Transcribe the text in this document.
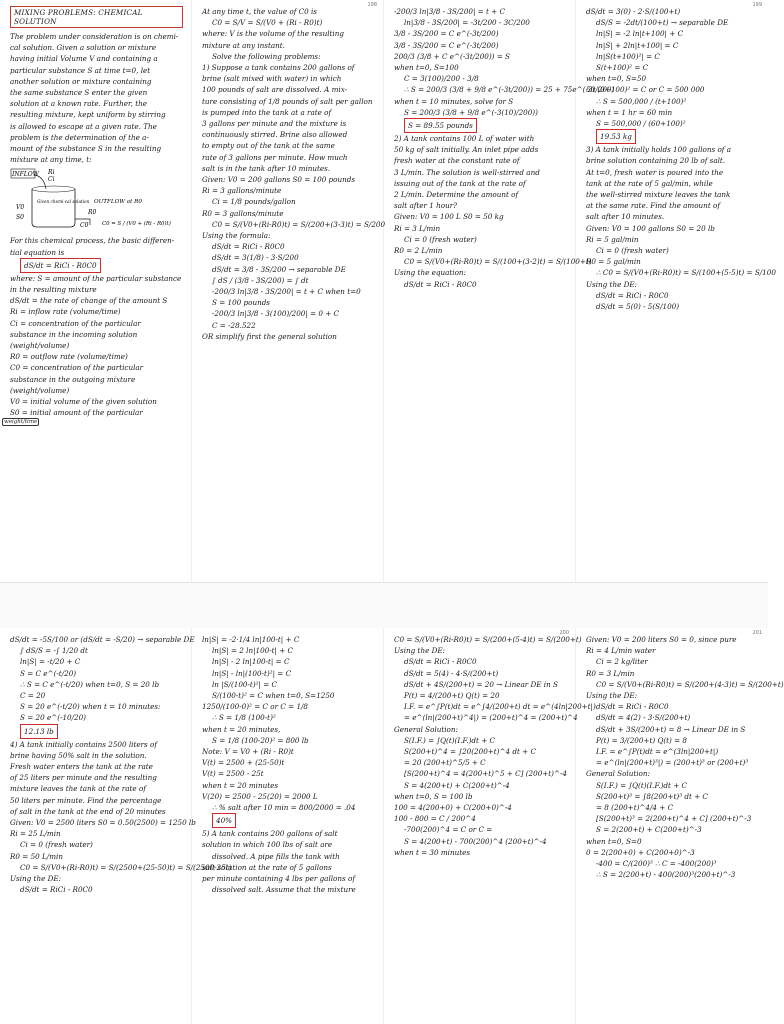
MIXING PROBLEMS: CHEMICAL SOLUTION
The problem under consideration is on chemi-
cal solution. Given a solution or mixture
having initial Volume V and containing a
particular substance S at time t=0, let
another solution or mixture containing
the same substance S enter the given
solution at a known rate. Further, the
resulting mixture, kept uniform by stirring
is allowed to escape at a given rate. The
problem is the determination of the a-
mount of the substance S in the resulting
mixture at any time, t:
INFLOW Ri
Ci
Given chemi-cal solution
V0
S0
OUTFLOW at R0
R0
C0	C0 = S / (V0 + (Ri - R0)t)
For this chemical process, the basic differen-
tial equation is
dS/dt = RiCi - R0C0
where: S = amount of the particular substance
in the resulting mixture
dS/dt = the rate of change of the amount S
Ri = inflow rate (volume/time)
Ci = concentration of the particular
substance in the incoming solution
(weight/volume)
R0 = outflow rate (volume/time)
C0 = concentration of the particular
substance in the outgoing mixture
(weight/volume)
V0 = initial volume of the given solution
S0 = initial amount of the particular
weight/time
198
At any time t, the value of C0 is
C0 = S/V = S/(V0 + (Ri - R0)t)
where: V is the volume of the resulting
mixture at any instant.
Solve the following problems:
1) Suppose a tank contains 200 gallons of
brine (salt mixed with water) in which
100 pounds of salt are dissolved. A mix-
ture consisting of 1/8 pounds of salt per gallon
is pumped into the tank at a rate of
3 gallons per minute and the mixture is
continuously stirred. Brine also allowed
to empty out of the tank at the same
rate of 3 gallons per minute. How much
salt is in the tank after 10 minutes.
Given: V0 = 200 gallons S0 = 100 pounds
Ri = 3 gallons/minute
Ci = 1/8 pounds/gallon
R0 = 3 gallons/minute
C0 = S/(V0+(Ri-R0)t) = S/(200+(3-3)t) = S/200
Using the formula:
dS/dt = RiCi - R0C0
dS/dt = 3(1/8) - 3·S/200
dS/dt = 3/8 - 3S/200 → separable DE
∫ dS / (3/8 - 3S/200) = ∫ dt
-200/3 ln|3/8 - 3S/200| = t + C when t=0
S = 100 pounds
-200/3 ln|3/8 - 3(100)/200| = 0 + C
C = -28.522
OR simplify first the general solution
-200/3 ln|3/8 - 3S/200| = t + C
ln|3/8 - 3S/200| = -3t/200 - 3C/200
3/8 - 3S/200 = C e^(-3t/200)
3/8 - 3S/200 = C e^(-3t/200)
200/3 (3/8 + C e^(-3t/200)) = S
when t=0, S=100
C = 3(100)/200 - 3/8
∴ S = 200/3 (3/8 + 9/8 e^(-3t/200)) = 25 + 75e^(-3t/200)
when t = 10 minutes, solve for S
S = 200/3 (3/8 + 9/8 e^(-3(10)/200))
S = 89.55 pounds
2) A tank contains 100 L of water with
50 kg of salt initially. An inlet pipe adds
fresh water at the constant rate of
3 L/min. The solution is well-stirred and
issuing out of the tank at the rate of
2 L/min. Determine the amount of
salt after 1 hour?
Given: V0 = 100 L S0 = 50 kg
Ri = 3 L/min
Ci = 0 (fresh water)
R0 = 2 L/min
C0 = S/(V0+(Ri-R0)t) = S/(100+(3-2)t) = S/(100+t)
Using the equation:
dS/dt = RiCi - R0C0
199
dS/dt = 3(0) - 2·S/(100+t)
dS/S = -2dt/(100+t) → separable DE
ln|S| = -2 ln|t+100| + C
ln|S| + 2ln|t+100| = C
ln|S(t+100)²| = C
S(t+100)² = C
when t=0, S=50
50 (0+100)² = C or C = 500 000
∴ S = 500,000 / (t+100)²
when t = 1 hr = 60 min
S = 500,000 / (60+100)²
19.53 kg
3) A tank initially holds 100 gallons of a
brine solution containing 20 lb of salt.
At t=0, fresh water is poured into the
tank at the rate of 5 gal/min, while
the well-stirred mixture leaves the tank
at the same rate. Find the amount of
salt after 10 minutes.
Given: V0 = 100 gallons S0 = 20 lb
Ri = 5 gal/min
Ci = 0 (fresh water)
R0 = 5 gal/min
∴ C0 = S/(V0+(Ri-R0)t) = S/(100+(5-5)t) = S/100
Using the DE:
dS/dt = RiCi - R0C0
dS/dt = 5(0) - 5(S/100)
dS/dt = -5S/100 or (dS/dt = -S/20) → separable DE
∫ dS/S = -∫ 1/20 dt
ln|S| = -t/20 + C
S = C e^(-t/20)
∴ S = C e^(-t/20) when t=0, S = 20 lb
C = 20
S = 20 e^(-t/20) when t = 10 minutes:
S = 20 e^(-10/20)
12.13 lb
4) A tank initially contains 2500 liters of
brine having 50% salt in the solution.
Fresh water enters the tank at the rate
of 25 liters per minute and the resulting
mixture leaves the tank at the rate of
50 liters per minute. Find the percentage
of salt in the tank at the end of 20 minutes
Given: V0 = 2500 liters S0 = 0.50(2500) = 1250 lb
Ri = 25 L/min
Ci = 0 (fresh water)
R0 = 50 L/min
C0 = S/(V0+(Ri-R0)t) = S/(2500+(25-50)t) = S/(2500-25t)
Using the DE:
dS/dt = RiCi - R0C0
ln|S| = -2·1/4 ln|100-t| + C
ln|S| = 2 ln|100-t| + C
ln|S| - 2 ln|100-t| = C
ln|S| - ln|(100-t)²| = C
ln |S/(100-t)²| = C
S/(100-t)² = C when t=0, S=1250
1250/(100-0)² = C or C = 1/8
∴ S = 1/8 (100-t)²
when t = 20 minutes,
S = 1/8 (100-20)² = 800 lb
Note: V = V0 + (Ri - R0)t
V(t) = 2500 + (25-50)t
V(t) = 2500 - 25t
when t = 20 minutes
V(20) = 2500 - 25(20) = 2000 L
∴ % salt after 10 min = 800/2000 = .04
40%
5) A tank contains 200 gallons of salt
solution in which 100 lbs of salt are
dissolved. A pipe fills the tank with
salt solution at the rate of 5 gallons
per minute containing 4 lbs per gallons of
dissolved salt. Assume that the mixture
200
C0 = S/(V0+(Ri-R0)t) = S/(200+(5-4)t) = S/(200+t)
Using the DE:
dS/dt = RiCi - R0C0
dS/dt = 5(4) - 4·S/(200+t)
dS/dt + 4S/(200+t) = 20 → Linear DE in S
P(t) = 4/(200+t) Q(t) = 20
I.F. = e^∫P(t)dt = e^∫4/(200+t) dt = e^(4ln|200+t|)
= e^(ln|(200+t)^4|) = (200+t)^4 = (200+t)^4
General Solution:
S(I.F.) = ∫Q(t)(I.F.)dt + C
S(200+t)^4 = ∫20(200+t)^4 dt + C
= 20 (200+t)^5/5 + C
[S(200+t)^4 = 4(200+t)^5 + C] (200+t)^-4
S = 4(200+t) + C(200+t)^-4
when t=0, S = 100 lb
100 = 4(200+0) + C(200+0)^-4
100 - 800 = C / 200^4
-700(200)^4 = C or C =
S = 4(200+t) - 700(200)^4 (200+t)^-4
when t = 30 minutes
201
Given: V0 = 200 liters S0 = 0, since pure
Ri = 4 L/min water
Ci = 2 kg/liter
R0 = 3 L/min
C0 = S/(V0+(Ri-R0)t) = S/(200+(4-3)t) = S/(200+t)
Using the DE:
dS/dt = RiCi - R0C0
dS/dt = 4(2) - 3·S/(200+t)
dS/dt + 3S/(200+t) = 8 → Linear DE in S
P(t) = 3/(200+t) Q(t) = 8
I.F. = e^∫P(t)dt = e^(3ln|200+t|)
= e^(ln|(200+t)³|) = (200+t)³ or (200+t)³
General Solution:
S(I.F.) = ∫Q(t)(I.F.)dt + C
S(200+t)³ = ∫8(200+t)³ dt + C
= 8 (200+t)^4/4 + C
[S(200+t)³ = 2(200+t)^4 + C] (200+t)^-3
S = 2(200+t) + C(200+t)^-3
when t=0, S=0
0 = 2(200+0) + C(200+0)^-3
-400 = C/(200)³ ∴ C = -400(200)³
∴ S = 2(200+t) - 400(200)³(200+t)^-3
